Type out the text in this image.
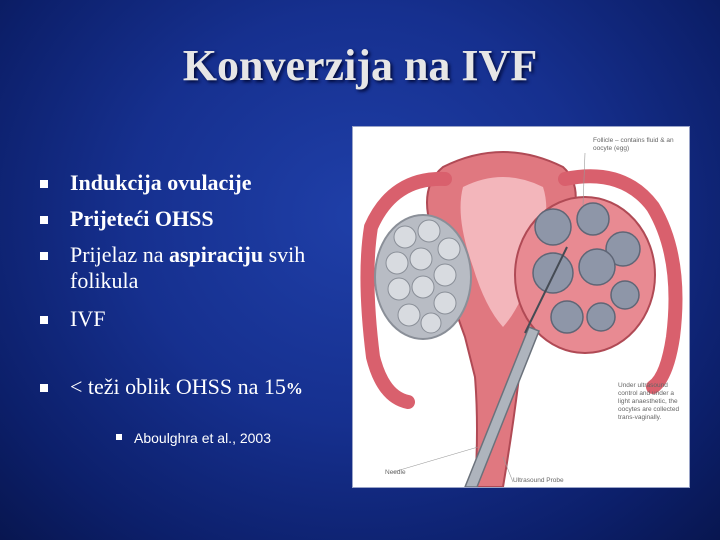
Konverzija na IVF
Indukcija ovulacije
Prijeteći OHSS
Prijelaz na aspiraciju svih
folikula
IVF
< teži oblik OHSS na 15%
Aboulghra et al., 2003
Follicle – contains fluid & an oocyte (egg)
Under ultrasound control and under a light anaesthetic, the oocytes are collected trans-vaginally.
Needle
Ultrasound Probe
